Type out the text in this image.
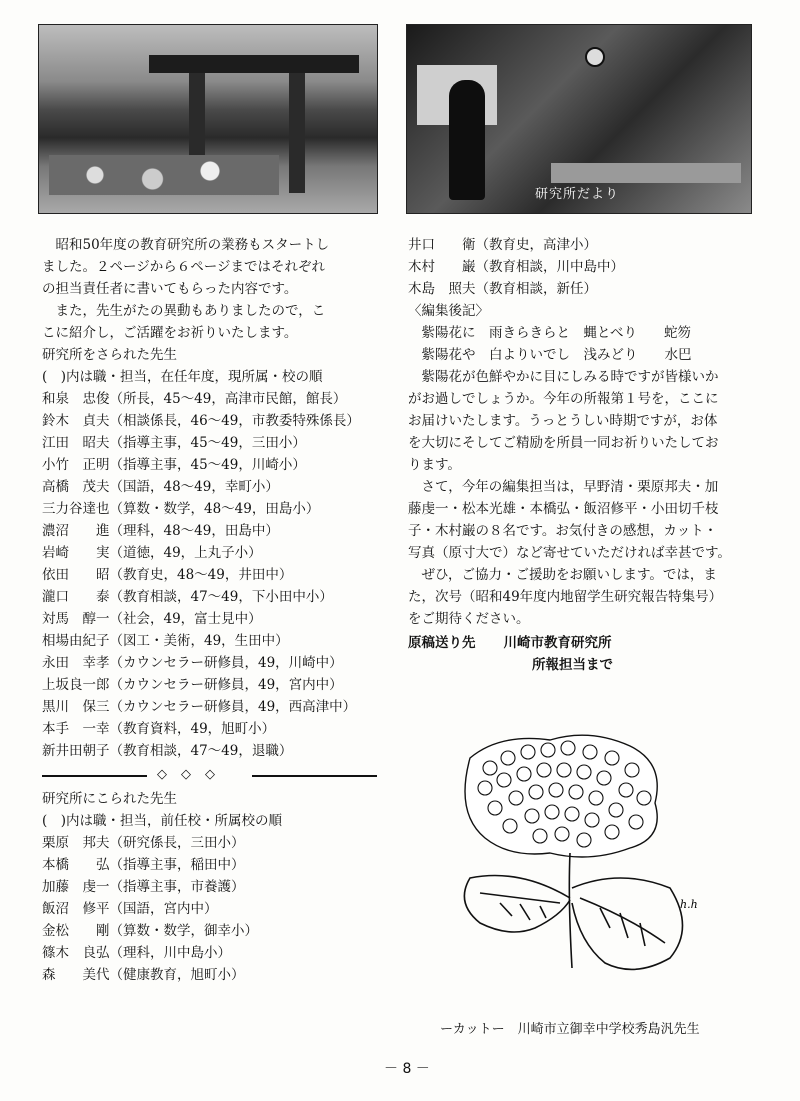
研究所だより

　昭和50年度の教育研究所の業務もスタートし

ました。２ページから６ページまではそれぞれ

の担当責任者に書いてもらった内容です。

　また，先生がたの異動もありましたので，こ

こに紹介し，ご活躍をお祈りいたします。

研究所をさられた先生

(　)内は職・担当，在任年度，現所属・校の順

和泉　忠俊（所長，45～49，高津市民館，館長）

鈴木　貞夫（相談係長，46～49，市教委特殊係長）

江田　昭夫（指導主事，45～49，三田小）

小竹　正明（指導主事，45～49，川崎小）

高橋　茂夫（国語，48～49，幸町小）

三力谷達也（算数・数学，48～49，田島小）

濃沼　　進（理科，48～49，田島中）

岩崎　　実（道徳，49，上丸子小）

依田　　昭（教育史，48～49，井田中）

瀧口　　泰（教育相談，47～49，下小田中小）

対馬　醇一（社会，49，富士見中）

相場由紀子（図工・美術，49，生田中）

永田　幸孝（カウンセラー研修員，49，川崎中）

上坂良一郎（カウンセラー研修員，49，宮内中）

黒川　保三（カウンセラー研修員，49，西高津中）

本手　一幸（教育資料，49，旭町小）

新井田朝子（教育相談，47～49，退職）

◇◇◇

研究所にこられた先生

(　)内は職・担当，前任校・所属校の順

栗原　邦夫（研究係長，三田小）

本橋　　弘（指導主事，稲田中）

加藤　虔一（指導主事，市養護）

飯沼　修平（国語，宮内中）

金松　　剛（算数・数学，御幸小）

篠木　良弘（理科，川中島小）

森　　美代（健康教育，旭町小）

井口　　衛（教育史，高津小）

木村　　巌（教育相談，川中島中）

木島　照夫（教育相談，新任）

〈編集後記〉

　紫陽花に　雨きらきらと　蝿とべり　　蛇笏

　紫陽花や　白よりいでし　浅みどり　　水巴

　紫陽花が色鮮やかに目にしみる時ですが皆様いか

がお過しでしょうか。今年の所報第１号を，ここに

お届けいたします。うっとうしい時期ですが，お体

を大切にそしてご精励を所員一同お祈りいたしてお

ります。

　さて，今年の編集担当は，早野清・栗原邦夫・加

藤虔一・松本光雄・本橋弘・飯沼修平・小田切千枝

子・木村巌の８名です。お気付きの感想，カット・

写真（原寸大で）など寄せていただければ幸甚です。

　ぜひ，ご協力・ご援助をお願いします。では，ま

た，次号（昭和49年度内地留学生研究報告特集号）

をご期待ください。

原稿送り先 川崎市教育研究所

所報担当まで

h.h
ーカットー　川崎市立御幸中学校秀島汎先生
－ 8 －
